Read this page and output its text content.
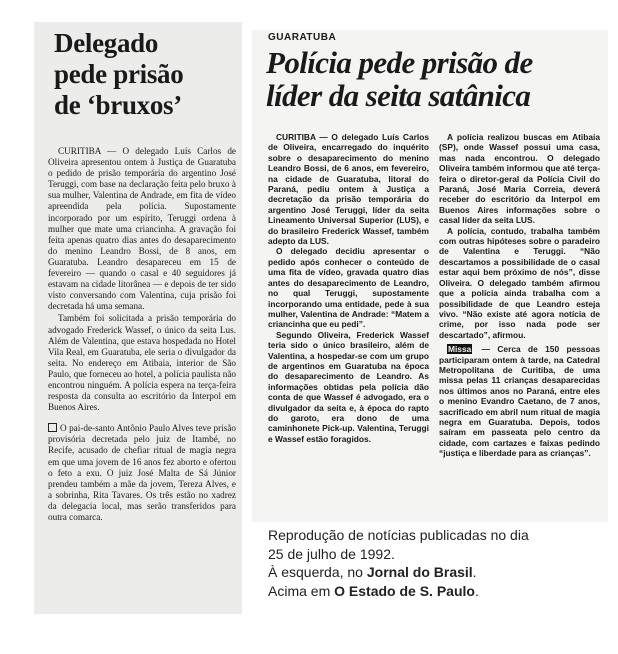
Delegado
pede prisão
de ‘bruxos’

CURITIBA — O delegado Luís Carlos de Oliveira apresentou ontem à Justiça de Guaratuba o pedido de prisão temporária do argentino José Teruggi, com base na declaração feita pelo bruxo à sua mulher, Valentina de Andrade, em fita de vídeo apreendida pela polícia. Supostamente incorporado por um espírito, Teruggi ordena à mulher que mate uma criancinha. A gravação foi feita apenas quatro dias antes do desaparecimento do menino Leandro Bossi, de 8 anos, em Guaratuba. Leandro desapareceu em 15 de fevereiro — quando o casal e 40 seguidores já estavam na cidade litorânea — e depois de ter sido visto conversando com Valentina, cuja prisão foi decretada há uma semana.

Também foi solicitada a prisão temporária do advogado Frederick Wassef, o único da seita Lus. Além de Valentina, que estava hospedada no Hotel Vila Real, em Guaratuba, ele seria o divulgador da seita. No endereço em Atibaia, interior de São Paulo, que forneceu ao hotel, a polícia paulista não encontrou ninguém. A polícia espera na terça-feira resposta da consulta ao escritório da Interpol em Buenos Aires.

O pai-de-santo Antônio Paulo Alves teve prisão provisória decretada pelo juiz de Itambé, no Recife, acusado de chefiar ritual de magia negra em que uma jovem de 16 anos fez aborto e ofertou o feto a exu. O juiz José Malta de Sá Júnior prendeu também a mãe da jovem, Tereza Alves, e a sobrinha, Rita Tavares. Os três estão no xadrez da delegacia local, mas serão transferidos para outra comarca.

GUARATUBA
Polícia pede prisão de
líder da seita satânica

CURITIBA — O delegado Luís Carlos de Oliveira, encarregado do inquérito sobre o desaparecimento do menino Leandro Bossi, de 6 anos, em fevereiro, na cidade de Guaratuba, litoral do Paraná, pediu ontem à Justiça a decretação da prisão temporária do argentino José Teruggi, líder da seita Lineamento Universal Superior (LUS), e do brasileiro Frederick Wassef, também adepto da LUS.

O delegado decidiu apresentar o pedido após conhecer o conteúdo de uma fita de vídeo, gravada quatro dias antes do desaparecimento de Leandro, no qual Teruggi, supostamente incorporando uma entidade, pede à sua mulher, Valentina de Andrade: “Matem a criancinha que eu pedi”.

Segundo Oliveira, Frederick Wassef teria sido o único brasileiro, além de Valentina, a hospedar-se com um grupo de argentinos em Guaratuba na época do desaparecimento de Leandro. As informações obtidas pela polícia dão conta de que Wassef é advogado, era o divulgador da seita e, à época do rapto do garoto, era dono de uma caminhonete Pick-up. Valentina, Teruggi e Wassef estão foragidos.

A polícia realizou buscas em Atibaia (SP), onde Wassef possui uma casa, mas nada encontrou. O delegado Oliveira também informou que até terça-feira o diretor-geral da Polícia Civil do Paraná, José Maria Correia, deverá receber do escritório da Interpol em Buenos Aires informações sobre o casal líder da seita LUS.

A polícia, contudo, trabalha também com outras hipóteses sobre o paradeiro de Valentina e Teruggi. “Não descartamos a possibilidade de o casal estar aqui bem próximo de nós”, disse Oliveira. O delegado também afirmou que a polícia ainda trabalha com a possibilidade de que Leandro esteja vivo. “Não existe até agora notícia de crime, por isso nada pode ser descartado”, afirmou.

Missa — Cerca de 150 pessoas participaram ontem à tarde, na Catedral Metropolitana de Curitiba, de uma missa pelas 11 crianças desaparecidas nos últimos anos no Paraná, entre eles o menino Evandro Caetano, de 7 anos, sacrificado em abril num ritual de magia negra em Guaratuba. Depois, todos saíram em passeata pelo centro da cidade, com cartazes e faixas pedindo “justiça e liberdade para as crianças”.

Reprodução de notícias publicadas no dia
25 de julho de 1992.
À esquerda, no Jornal do Brasil.
Acima em O Estado de S. Paulo.
